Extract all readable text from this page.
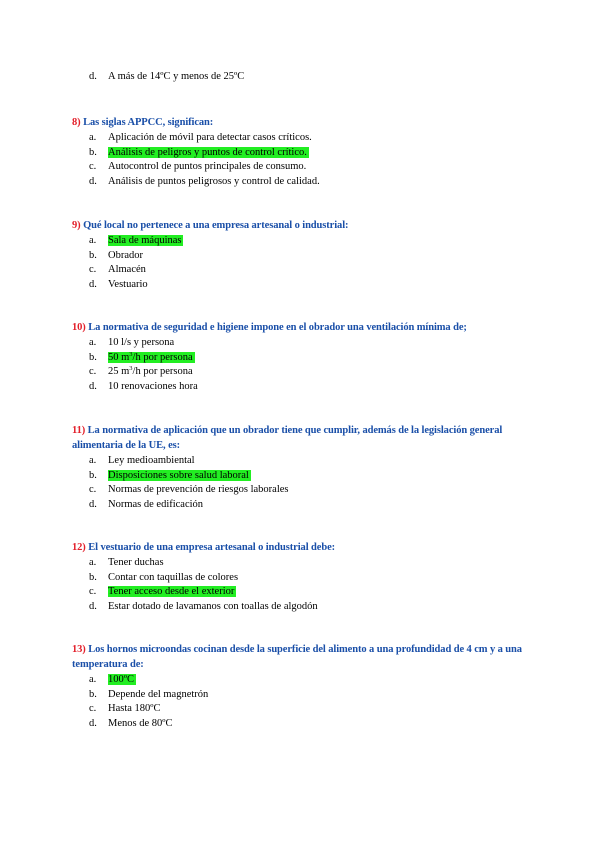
d. A más de 14ºC y menos de 25ºC

8) Las siglas APPCC, significan:

a. Aplicación de móvil para detectar casos críticos.
b. Análisis de peligros y puntos de control crítico.
c. Autocontrol de puntos principales de consumo.
d. Análisis de puntos peligrosos y control de calidad.

9) Qué local no pertenece a una empresa artesanal o industrial:

a. Sala de máquinas
b. Obrador
c. Almacén
d. Vestuario

10) La normativa de seguridad e higiene impone en el obrador una ventilación mínima de;

a. 10 l/s y persona
b. 50 $m^3/h$ por persona
c. 25 $m^3/h$ por persona
d. 10 renovaciones hora

11) La normativa de aplicación que un obrador tiene que cumplir, además de la legislación general alimentaria de la UE, es:

a. Ley medioambiental
b. Disposiciones sobre salud laboral
c. Normas de prevención de riesgos laborales
d. Normas de edificación

12) El vestuario de una empresa artesanal o industrial debe:

a. Tener duchas
b. Contar con taquillas de colores
c. Tener acceso desde el exterior
d. Estar dotado de lavamanos con toallas de algodón

13) Los hornos microondas cocinan desde la superficie del alimento a una profundidad de 4 cm y a una temperatura de:

a. 100ºC
b. Depende del magnetrón
c. Hasta 180ºC
d. Menos de 80ºC
